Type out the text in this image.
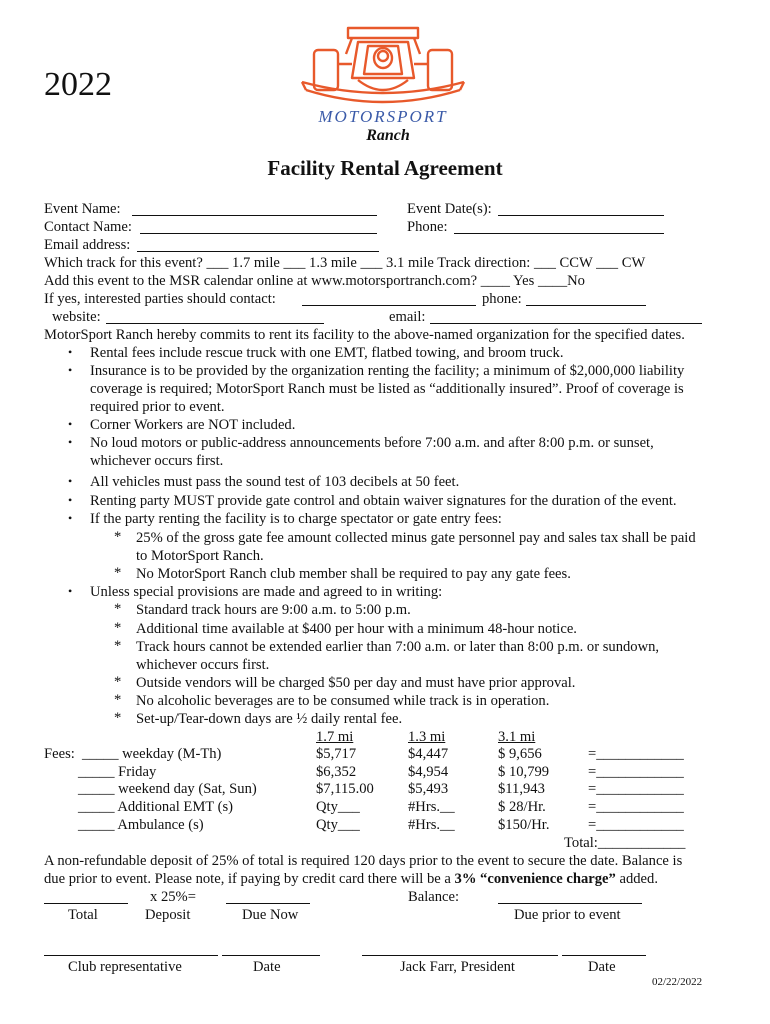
2022
MOTORSPORT
Ranch
Facility Rental Agreement
Event Name:	Event Date(s):
Contact Name:	Phone:
Email address:
Which track for this event? ___ 1.7 mile ___ 1.3 mile ___ 3.1 mile Track direction: ___ CCW ___ CW
Add this event to the MSR calendar online at www.motorsportranch.com? ____ Yes ____No
If yes, interested parties should contact:	phone:
website:	email:
MotorSport Ranch hereby commits to rent its facility to the above-named organization for the specified dates.
• Rental fees include rescue truck with one EMT, flatbed towing, and broom truck.
• Insurance is to be provided by the organization renting the facility; a minimum of $2,000,000 liability
coverage is required; MotorSport Ranch must be listed as “additionally insured”. Proof of coverage is
required prior to event.
• Corner Workers are NOT included.
• No loud motors or public-address announcements before 7:00 a.m. and after 8:00 p.m. or sunset,
whichever occurs first.
• All vehicles must pass the sound test of 103 decibels at 50 feet.
• Renting party MUST provide gate control and obtain waiver signatures for the duration of the event.
• If the party renting the facility is to charge spectator or gate entry fees:
* 25% of the gross gate fee amount collected minus gate personnel pay and sales tax shall be paid
to MotorSport Ranch.
* No MotorSport Ranch club member shall be required to pay any gate fees.
• Unless special provisions are made and agreed to in writing:
* Standard track hours are 9:00 a.m. to 5:00 p.m.
* Additional time available at $400 per hour with a minimum 48-hour notice.
* Track hours cannot be extended earlier than 7:00 a.m. or later than 8:00 p.m. or sundown,
whichever occurs first.
* Outside vendors will be charged $50 per day and must have prior approval.
* No alcoholic beverages are to be consumed while track is in operation.
* Set-up/Tear-down days are ½ daily rental fee.
1.7 mi	1.3 mi	3.1 mi
Fees: _____ weekday (M-Th)	$5,717	$4,447	$ 9,656	=____________
_____ Friday	$6,352	$4,954	$ 10,799	=____________
_____ weekend day (Sat, Sun)	$7,115.00 $5,493	$11,943	=____________
_____ Additional EMT (s)	Qty___	#Hrs.__	$ 28/Hr.	=____________
_____ Ambulance (s)	Qty___	#Hrs.__	$150/Hr.	=____________
Total:____________
A non-refundable deposit of 25% of total is required 120 days prior to the event to secure the date. Balance is
due prior to event. Please note, if paying by credit card there will be a 3% “convenience charge” added.
x 25%=	Balance:
Total	Deposit	Due Now	Due prior to event
Club representative	Date	Jack Farr, President	Date
02/22/2022
